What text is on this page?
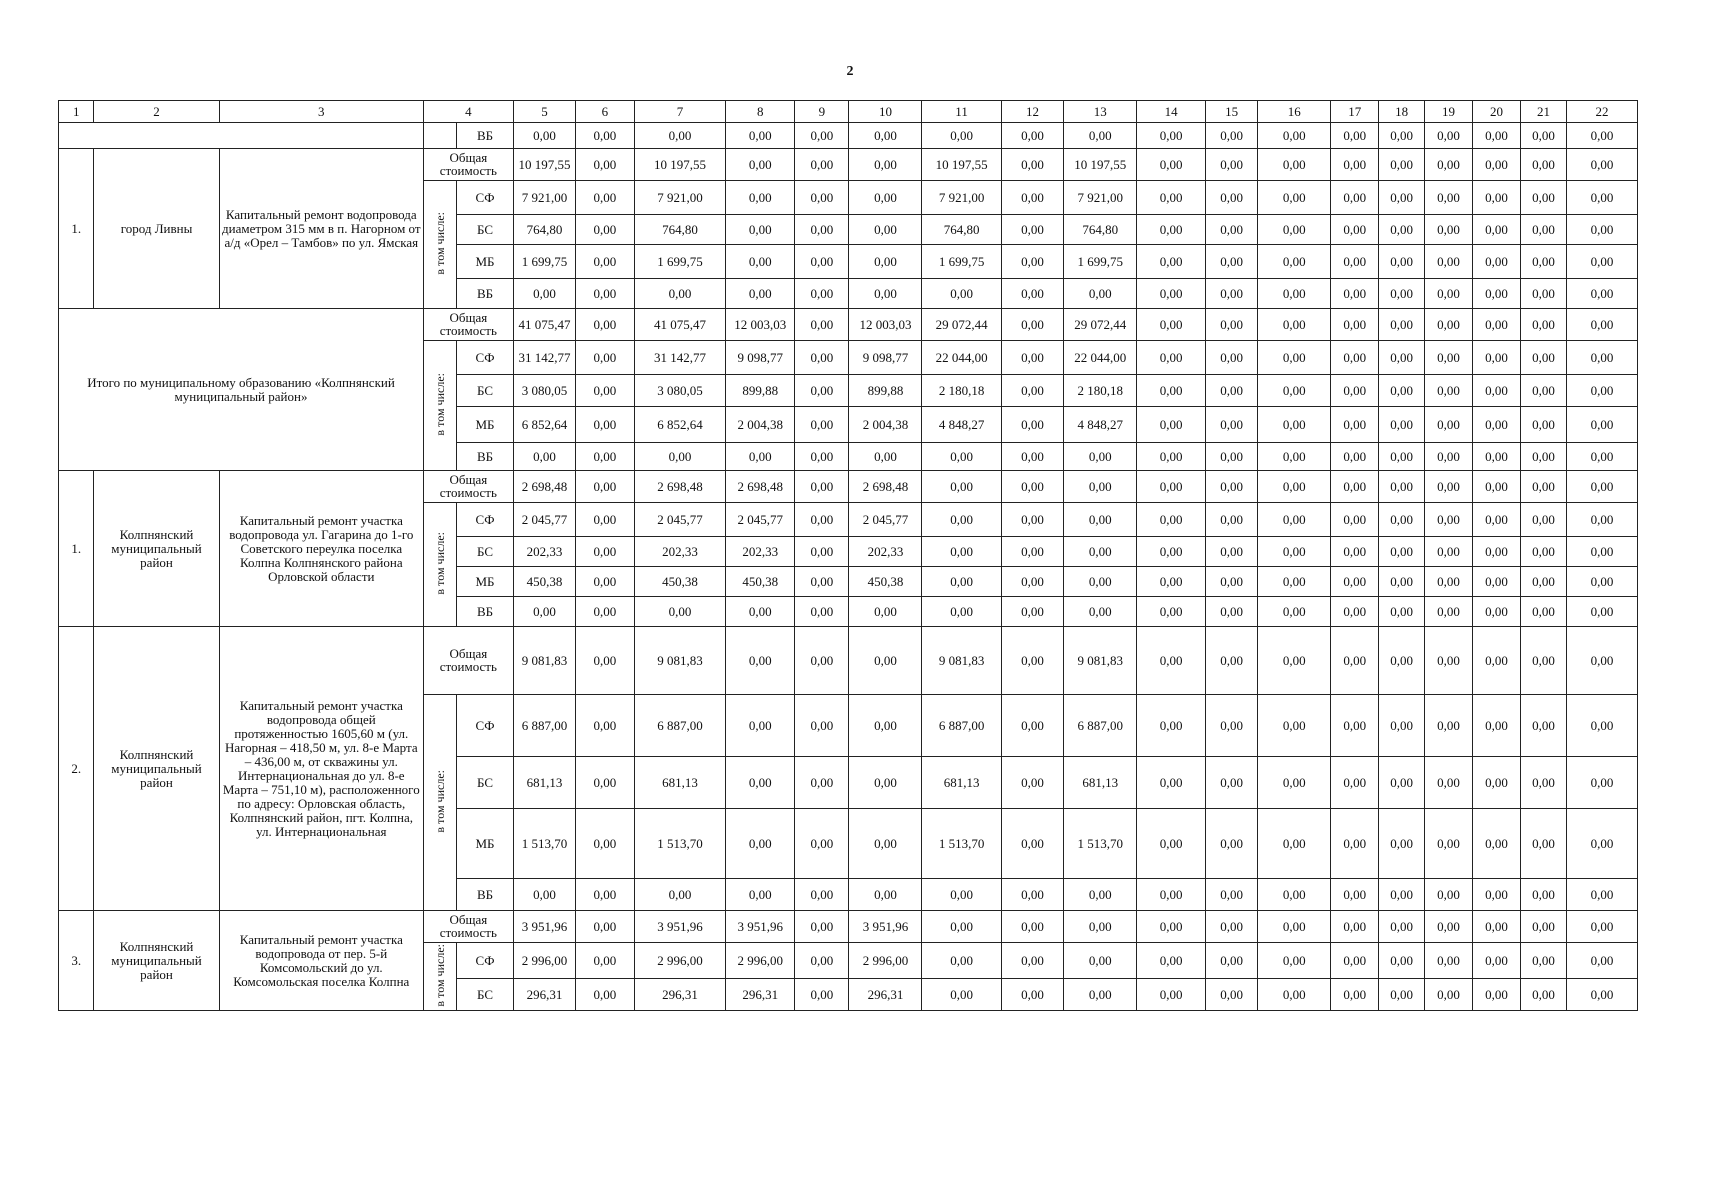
2
1	2	3	4		5	6	7	8	9	10	11	12	13	14	15	16	17	18	19	20	21	22
				ВБ	0,00	0,00	0,00	0,00	0,00	0,00	0,00	0,00	0,00	0,00	0,00	0,00	0,00	0,00	0,00	0,00	0,00	0,00
1.	город Ливны	Капитальный ремонт водопровода диаметром 315 мм в п. Нагорном от а/д «Орел – Тамбов» по ул. Ямская	Общая стоимость		10 197,55	0,00	10 197,55	0,00	0,00	0,00	10 197,55	0,00	10 197,55	0,00	0,00	0,00	0,00	0,00	0,00	0,00	0,00	0,00
			в том числе:	СФ	7 921,00	0,00	7 921,00	0,00	0,00	0,00	7 921,00	0,00	7 921,00	0,00	0,00	0,00	0,00	0,00	0,00	0,00	0,00	0,00
				БС	764,80	0,00	764,80	0,00	0,00	0,00	764,80	0,00	764,80	0,00	0,00	0,00	0,00	0,00	0,00	0,00	0,00	0,00
				МБ	1 699,75	0,00	1 699,75	0,00	0,00	0,00	1 699,75	0,00	1 699,75	0,00	0,00	0,00	0,00	0,00	0,00	0,00	0,00	0,00
				ВБ	0,00	0,00	0,00	0,00	0,00	0,00	0,00	0,00	0,00	0,00	0,00	0,00	0,00	0,00	0,00	0,00	0,00	0,00
Итого по муниципальному образованию «Колпнянский муниципальный район»			Общая стоимость		41 075,47	0,00	41 075,47	12 003,03	0,00	12 003,03	29 072,44	0,00	29 072,44	0,00	0,00	0,00	0,00	0,00	0,00	0,00	0,00	0,00
			в том числе:	СФ	31 142,77	0,00	31 142,77	9 098,77	0,00	9 098,77	22 044,00	0,00	22 044,00	0,00	0,00	0,00	0,00	0,00	0,00	0,00	0,00	0,00
				БС	3 080,05	0,00	3 080,05	899,88	0,00	899,88	2 180,18	0,00	2 180,18	0,00	0,00	0,00	0,00	0,00	0,00	0,00	0,00	0,00
				МБ	6 852,64	0,00	6 852,64	2 004,38	0,00	2 004,38	4 848,27	0,00	4 848,27	0,00	0,00	0,00	0,00	0,00	0,00	0,00	0,00	0,00
				ВБ	0,00	0,00	0,00	0,00	0,00	0,00	0,00	0,00	0,00	0,00	0,00	0,00	0,00	0,00	0,00	0,00	0,00	0,00
1.	Колпнянский муниципальный район	Капитальный ремонт участка водопровода ул. Гагарина до 1-го Советского переулка поселка Колпна Колпнянского района Орловской области	Общая стоимость		2 698,48	0,00	2 698,48	2 698,48	0,00	2 698,48	0,00	0,00	0,00	0,00	0,00	0,00	0,00	0,00	0,00	0,00	0,00	0,00
			в том числе:	СФ	2 045,77	0,00	2 045,77	2 045,77	0,00	2 045,77	0,00	0,00	0,00	0,00	0,00	0,00	0,00	0,00	0,00	0,00	0,00	0,00
				БС	202,33	0,00	202,33	202,33	0,00	202,33	0,00	0,00	0,00	0,00	0,00	0,00	0,00	0,00	0,00	0,00	0,00	0,00
				МБ	450,38	0,00	450,38	450,38	0,00	450,38	0,00	0,00	0,00	0,00	0,00	0,00	0,00	0,00	0,00	0,00	0,00	0,00
				ВБ	0,00	0,00	0,00	0,00	0,00	0,00	0,00	0,00	0,00	0,00	0,00	0,00	0,00	0,00	0,00	0,00	0,00	0,00
2.	Колпнянский муниципальный район	Капитальный ремонт участка водопровода общей протяженностью 1605,60 м (ул. Нагорная – 418,50 м, ул. 8-е Марта – 436,00 м, от скважины ул. Интернациональная до ул. 8-е Марта – 751,10 м), расположенного по адресу: Орловская область, Колпнянский район, пгт. Колпна, ул. Интернациональная	Общая стоимость		9 081,83	0,00	9 081,83	0,00	0,00	0,00	9 081,83	0,00	9 081,83	0,00	0,00	0,00	0,00	0,00	0,00	0,00	0,00	0,00
			в том числе:	СФ	6 887,00	0,00	6 887,00	0,00	0,00	0,00	6 887,00	0,00	6 887,00	0,00	0,00	0,00	0,00	0,00	0,00	0,00	0,00	0,00
				БС	681,13	0,00	681,13	0,00	0,00	0,00	681,13	0,00	681,13	0,00	0,00	0,00	0,00	0,00	0,00	0,00	0,00	0,00
				МБ	1 513,70	0,00	1 513,70	0,00	0,00	0,00	1 513,70	0,00	1 513,70	0,00	0,00	0,00	0,00	0,00	0,00	0,00	0,00	0,00
				ВБ	0,00	0,00	0,00	0,00	0,00	0,00	0,00	0,00	0,00	0,00	0,00	0,00	0,00	0,00	0,00	0,00	0,00	0,00
3.	Колпнянский муниципальный район	Капитальный ремонт участка водопровода от пер. 5-й Комсомольский до ул. Комсомольская поселка Колпна	Общая стоимость		3 951,96	0,00	3 951,96	3 951,96	0,00	3 951,96	0,00	0,00	0,00	0,00	0,00	0,00	0,00	0,00	0,00	0,00	0,00	0,00
			в том числе:	СФ	2 996,00	0,00	2 996,00	2 996,00	0,00	2 996,00	0,00	0,00	0,00	0,00	0,00	0,00	0,00	0,00	0,00	0,00	0,00	0,00
				БС	296,31	0,00	296,31	296,31	0,00	296,31	0,00	0,00	0,00	0,00	0,00	0,00	0,00	0,00	0,00	0,00	0,00	0,00
